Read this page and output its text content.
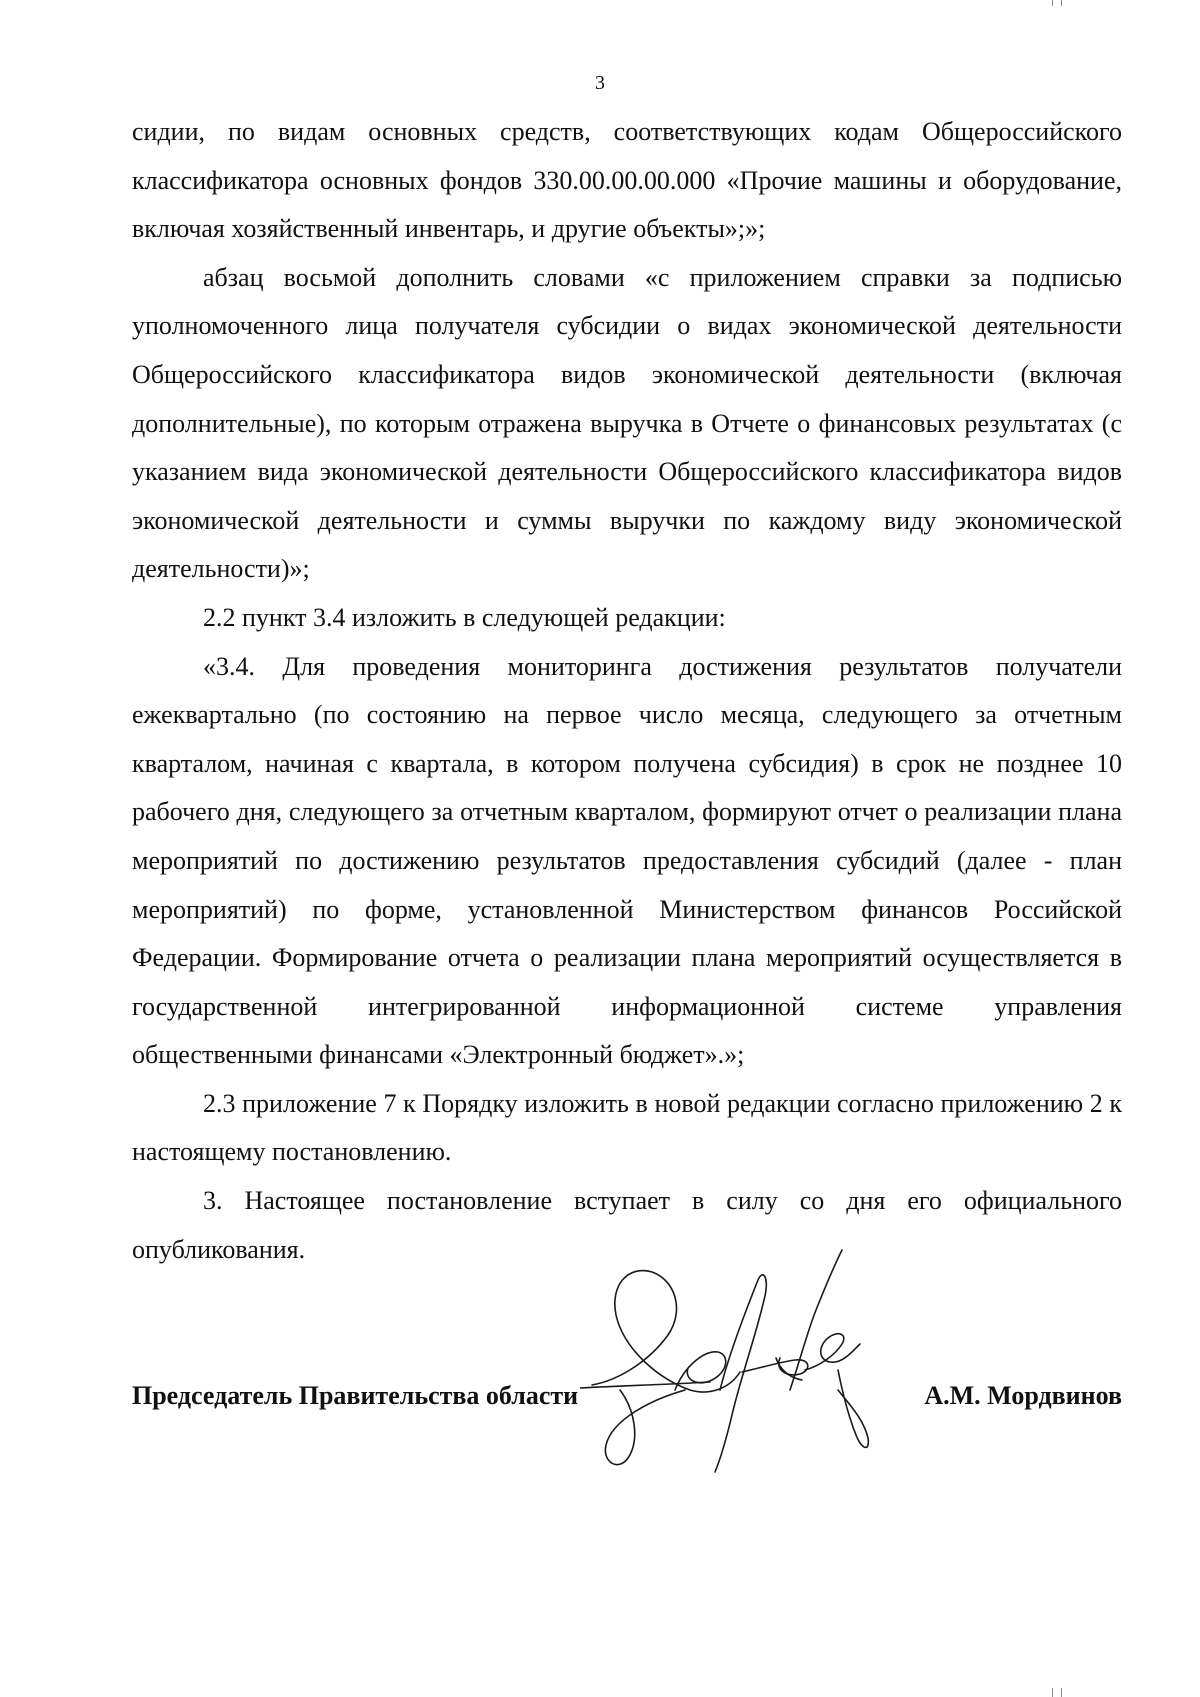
3

сидии, по видам основных средств, соответствующих кодам Общероссийского классификатора основных фондов 330.00.00.00.000 «Прочие машины и оборудование, включая хозяйственный инвентарь, и другие объекты»;»;

абзац восьмой дополнить словами «с приложением справки за подписью уполномоченного лица получателя субсидии о видах экономической деятельности Общероссийского классификатора видов экономической деятельности (включая дополнительные), по которым отражена выручка в Отчете о финансовых результатах (с указанием вида экономической деятельности Общероссийского классификатора видов экономической деятельности и суммы выручки по каждому виду экономической деятельности)»;

2.2 пункт 3.4 изложить в следующей редакции:

«3.4. Для проведения мониторинга достижения результатов получатели ежеквартально (по состоянию на первое число месяца, следующего за отчетным кварталом, начиная с квартала, в котором получена субсидия) в срок не позднее 10 рабочего дня, следующего за отчетным кварталом, формируют отчет о реализации плана мероприятий по достижению результатов предоставления субсидий (далее - план мероприятий) по форме, установленной Министерством финансов Российской Федерации. Формирование отчета о реализации плана мероприятий осуществляется в государственной интегрированной информационной системе управления общественными финансами «Электронный бюджет».»;

2.3 приложение 7 к Порядку изложить в новой редакции согласно приложению 2 к настоящему постановлению.

3. Настоящее постановление вступает в силу со дня его официального опубликования.

Председатель Правительства области	А.М. Мордвинов
